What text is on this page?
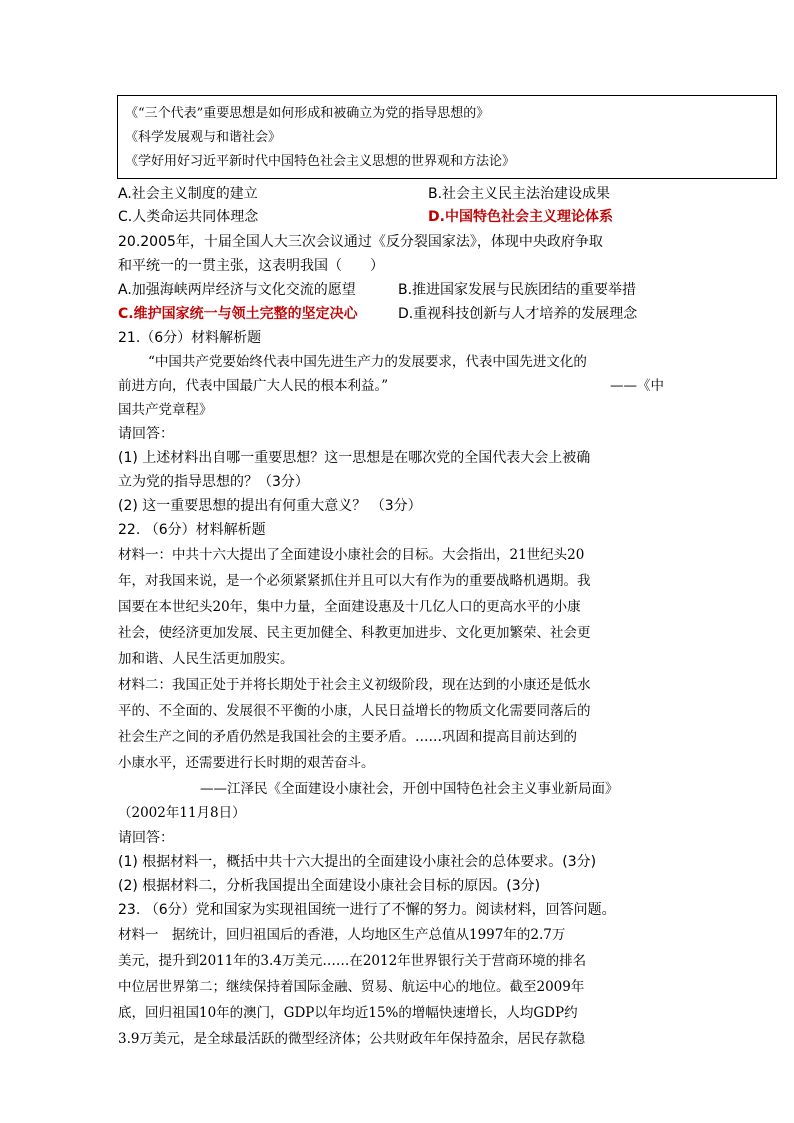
《“三个代表”重要思想是如何形成和被确立为党的指导思想的》
《科学发展观与和谐社会》
《学好用好习近平新时代中国特色社会主义思想的世界观和方法论》
A.社会主义制度的建立	B.社会主义民主法治建设成果
C.人类命运共同体理念	D.中国特色社会主义理论体系
20.2005年，十届全国人大三次会议通过《反分裂国家法》，体现中央政府争取
和平统一的一贯主张，这表明我国（　　）
A.加强海峡两岸经济与文化交流的愿望	B.推进国家发展与民族团结的重要举措
C.维护国家统一与领土完整的坚定决心	D.重视科技创新与人才培养的发展理念
21.（6分）材料解析题
“中国共产党要始终代表中国先进生产力的发展要求，代表中国先进文化的
前进方向，代表中国最广大人民的根本利益。”	——《中
国共产党章程》
请回答：
(1) 上述材料出自哪一重要思想？这一思想是在哪次党的全国代表大会上被确
立为党的指导思想的？（3分）
(2) 这一重要思想的提出有何重大意义？ （3分）
22. （6分）材料解析题
材料一：中共十六大提出了全面建设小康社会的目标。大会指出，21世纪头20
年，对我国来说，是一个必须紧紧抓住并且可以大有作为的重要战略机遇期。我
国要在本世纪头20年，集中力量，全面建设惠及十几亿人口的更高水平的小康
社会，使经济更加发展、民主更加健全、科教更加进步、文化更加繁荣、社会更
加和谐、人民生活更加殷实。
材料二：我国正处于并将长期处于社会主义初级阶段，现在达到的小康还是低水
平的、不全面的、发展很不平衡的小康，人民日益增长的物质文化需要同落后的
社会生产之间的矛盾仍然是我国社会的主要矛盾。……巩固和提高目前达到的
小康水平，还需要进行长时期的艰苦奋斗。
——江泽民《全面建设小康社会，开创中国特色社会主义事业新局面》
（2002年11月8日）
请回答：
(1) 根据材料一，概括中共十六大提出的全面建设小康社会的总体要求。(3分)
(2) 根据材料二，分析我国提出全面建设小康社会目标的原因。(3分)
23. （6分）党和国家为实现祖国统一进行了不懈的努力。阅读材料，回答问题。
材料一　据统计，回归祖国后的香港，人均地区生产总值从1997年的2.7万
美元，提升到2011年的3.4万美元……在2012年世界银行关于营商环境的排名
中位居世界第二；继续保持着国际金融、贸易、航运中心的地位。截至2009年
底，回归祖国10年的澳门，GDP以年均近15%的增幅快速增长，人均GDP约
3.9万美元，是全球最活跃的微型经济体；公共财政年年保持盈余，居民存款稳
